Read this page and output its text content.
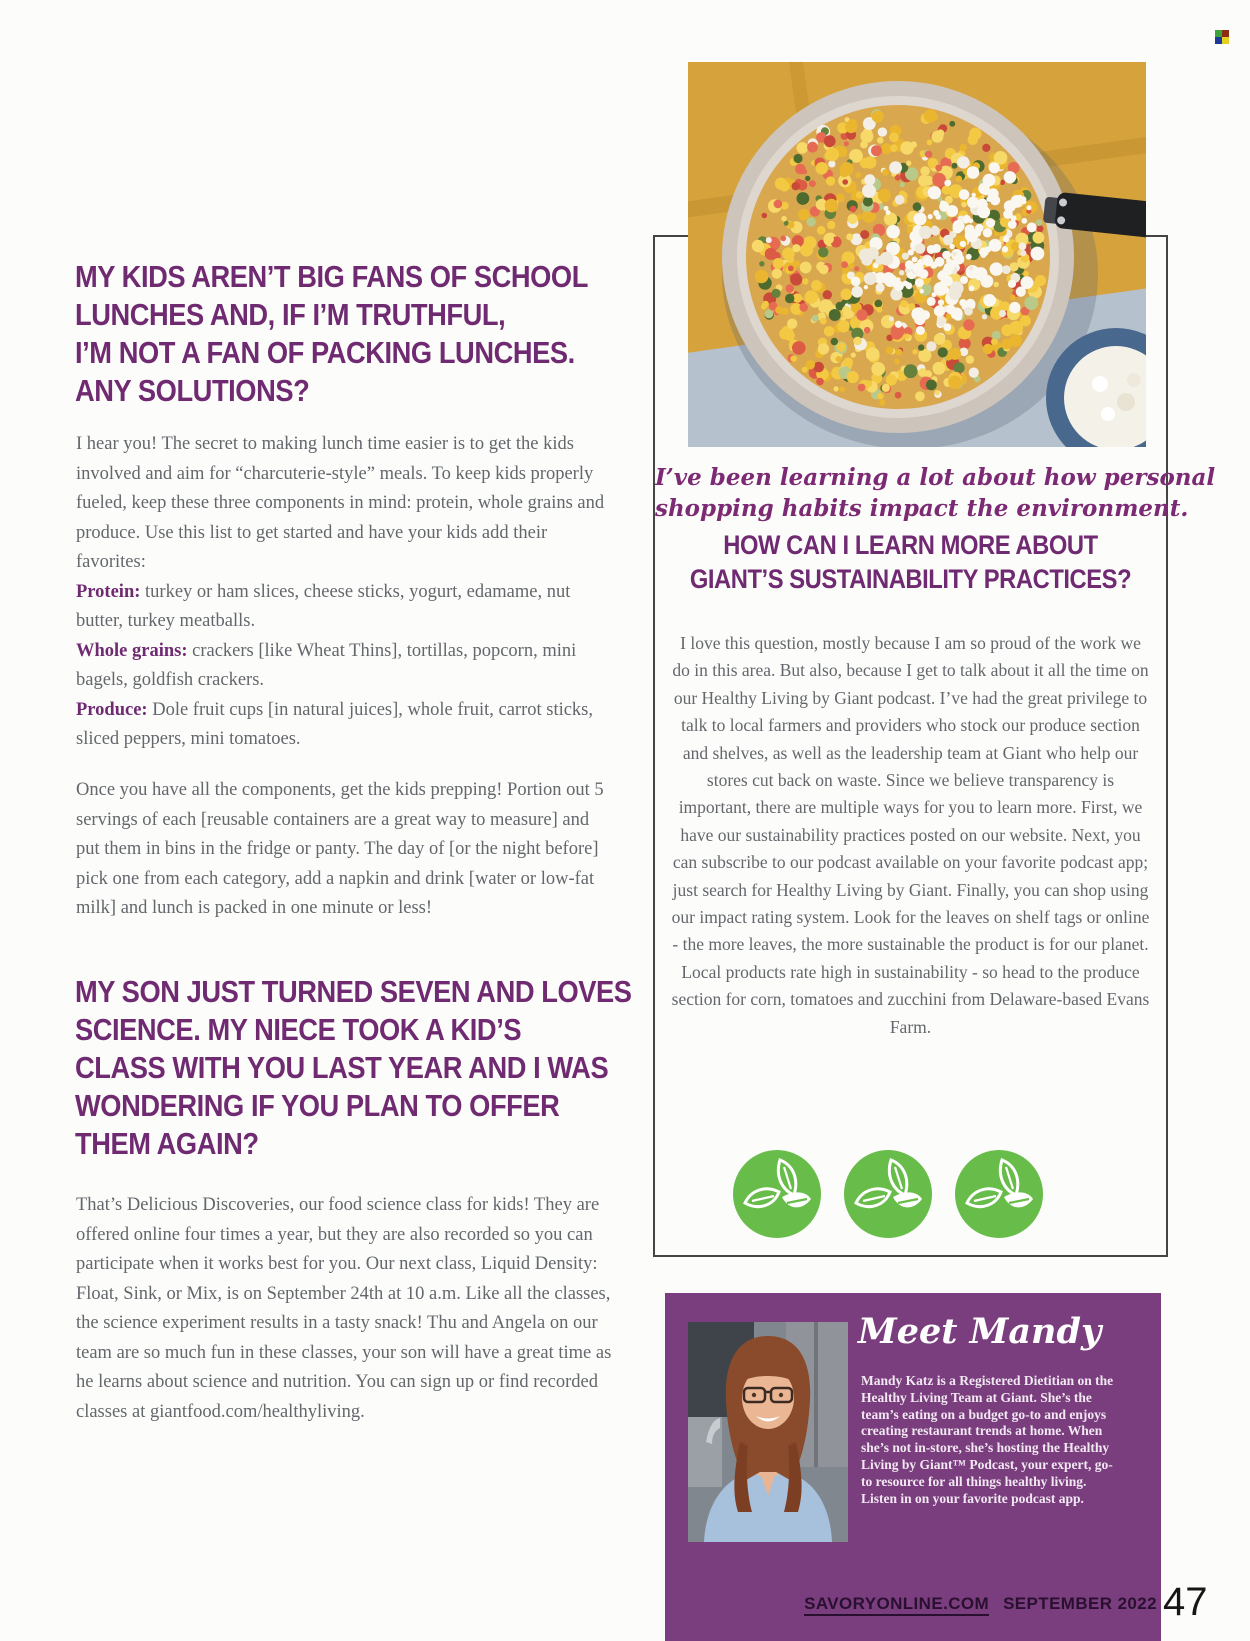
MY KIDS AREN’T BIG FANS OF SCHOOL
LUNCHES AND, IF I’M TRUTHFUL,
I’M NOT A FAN OF PACKING LUNCHES.
ANY SOLUTIONS?

I hear you! The secret to making lunch time easier is to get the kids involved and aim for “charcuterie-style” meals. To keep kids properly fueled, keep these three components in mind: protein, whole grains and produce. Use this list to get started and have your kids add their favorites:

Protein: turkey or ham slices, cheese sticks, yogurt, edamame, nut butter, turkey meatballs.

Whole grains: crackers [like Wheat Thins], tortillas, popcorn, mini bagels, goldfish crackers.

Produce: Dole fruit cups [in natural juices], whole fruit, carrot sticks, sliced peppers, mini tomatoes.

Once you have all the components, get the kids prepping! Portion out 5 servings of each [reusable containers are a great way to measure] and put them in bins in the fridge or panty. The day of [or the night before] pick one from each category, add a napkin and drink [water or low-fat milk] and lunch is packed in one minute or less!
MY SON JUST TURNED SEVEN AND LOVES
SCIENCE. MY NIECE TOOK A KID’S
CLASS WITH YOU LAST YEAR AND I WAS
WONDERING IF YOU PLAN TO OFFER
THEM AGAIN?
That’s Delicious Discoveries, our food science class for kids! They are offered online four times a year, but they are also recorded so you can participate when it works best for you. Our next class, Liquid Density: Float, Sink, or Mix, is on September 24th at 10 a.m. Like all the classes, the science experiment results in a tasty snack! Thu and Angela on our team are so much fun in these classes, your son will have a great time as he learns about science and nutrition. You can sign up or find recorded classes at giantfood.com/healthyliving.
I’ve been learning a lot about how personal
shopping habits impact the environment.
HOW CAN I LEARN MORE ABOUT
GIANT’S SUSTAINABILITY PRACTICES?
I love this question, mostly because I am so proud of the work we do in this area. But also, because I get to talk about it all the time on our Healthy Living by Giant podcast. I’ve had the great privilege to talk to local farmers and providers who stock our produce section and shelves, as well as the leadership team at Giant who help our stores cut back on waste. Since we believe transparency is important, there are multiple ways for you to learn more. First, we have our sustainability practices posted on our website. Next, you can subscribe to our podcast available on your favorite podcast app; just search for Healthy Living by Giant. Finally, you can shop using our impact rating system. Look for the leaves on shelf tags or online - the more leaves, the more sustainable the product is for our planet. Local products rate high in sustainability - so head to the produce section for corn, tomatoes and zucchini from Delaware-based Evans Farm.
Meet Mandy
Mandy Katz is a Registered Dietitian on the Healthy Living Team at Giant. She’s the team’s eating on a budget go-to and enjoys creating restaurant trends at home. When she’s not in-store, she’s hosting the Healthy Living by Giant™ Podcast, your expert, go-to resource for all things healthy living. Listen in on your favorite podcast app.
SAVORYONLINE.COM SEPTEMBER 2022 47
